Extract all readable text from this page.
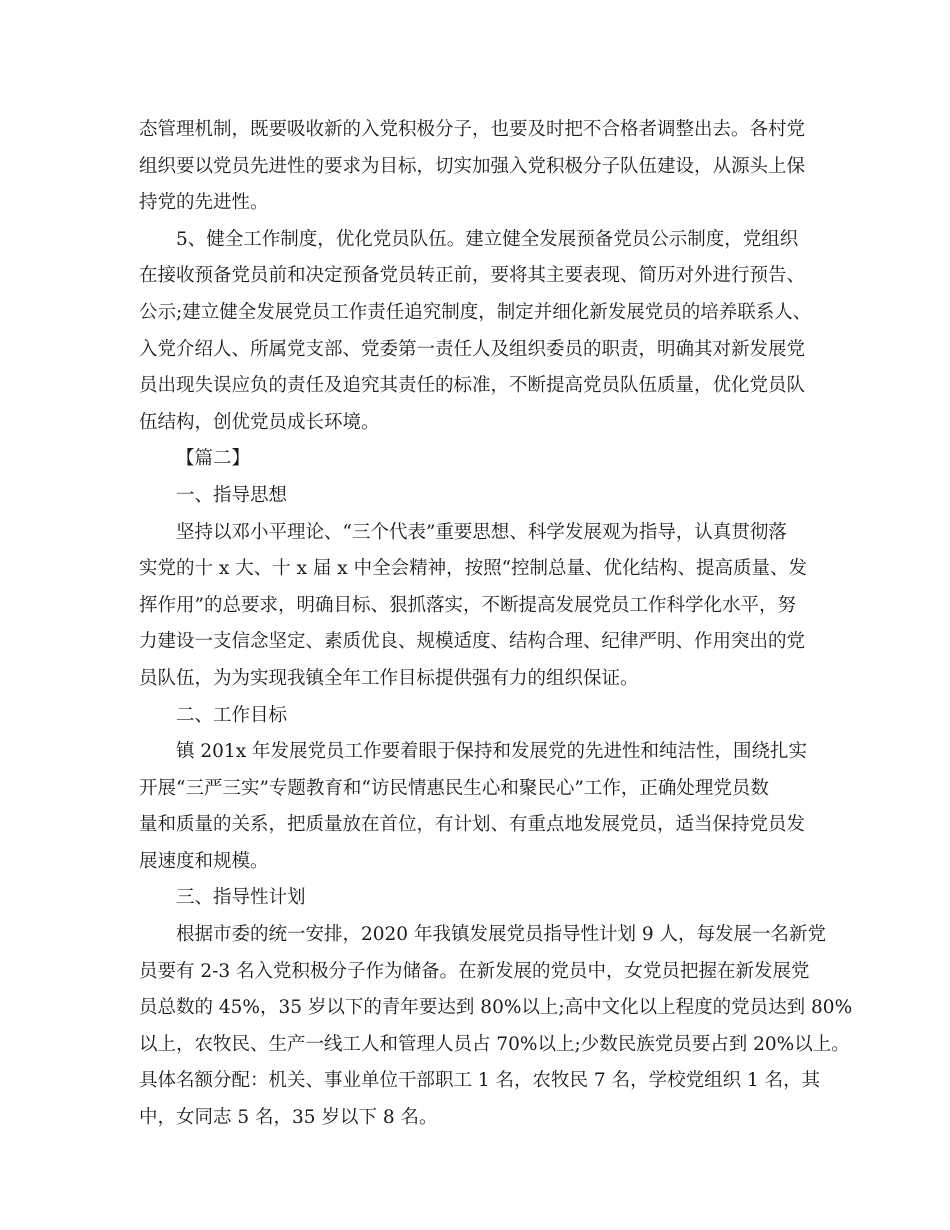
态管理机制，既要吸收新的入党积极分子，也要及时把不合格者调整出去。各村党
组织要以党员先进性的要求为目标，切实加强入党积极分子队伍建设，从源头上保
持党的先进性。
5、健全工作制度，优化党员队伍。建立健全发展预备党员公示制度，党组织
在接收预备党员前和决定预备党员转正前，要将其主要表现、简历对外进行预告、
公示;建立健全发展党员工作责任追究制度，制定并细化新发展党员的培养联系人、
入党介绍人、所属党支部、党委第一责任人及组织委员的职责，明确其对新发展党
员出现失误应负的责任及追究其责任的标准，不断提高党员队伍质量，优化党员队
伍结构，创优党员成长环境。
【篇二】
一、指导思想
坚持以邓小平理论、“三个代表”重要思想、科学发展观为指导，认真贯彻落
实党的十 x 大、十 x 届 x 中全会精神，按照“控制总量、优化结构、提高质量、发
挥作用”的总要求，明确目标、狠抓落实，不断提高发展党员工作科学化水平，努
力建设一支信念坚定、素质优良、规模适度、结构合理、纪律严明、作用突出的党
员队伍，为为实现我镇全年工作目标提供强有力的组织保证。
二、工作目标
镇 201x 年发展党员工作要着眼于保持和发展党的先进性和纯洁性，围绕扎实
开展“三严三实”专题教育和“访民情惠民生心和聚民心”工作，正确处理党员数
量和质量的关系，把质量放在首位，有计划、有重点地发展党员，适当保持党员发
展速度和规模。
三、指导性计划
根据市委的统一安排，2020 年我镇发展党员指导性计划 9 人，每发展一名新党
员要有 2-3 名入党积极分子作为储备。在新发展的党员中，女党员把握在新发展党
员总数的 45%，35 岁以下的青年要达到 80%以上;高中文化以上程度的党员达到 80%
以上，农牧民、生产一线工人和管理人员占 70%以上;少数民族党员要占到 20%以上。
具体名额分配：机关、事业单位干部职工 1 名，农牧民 7 名，学校党组织 1 名，其
中，女同志 5 名，35 岁以下 8 名。
